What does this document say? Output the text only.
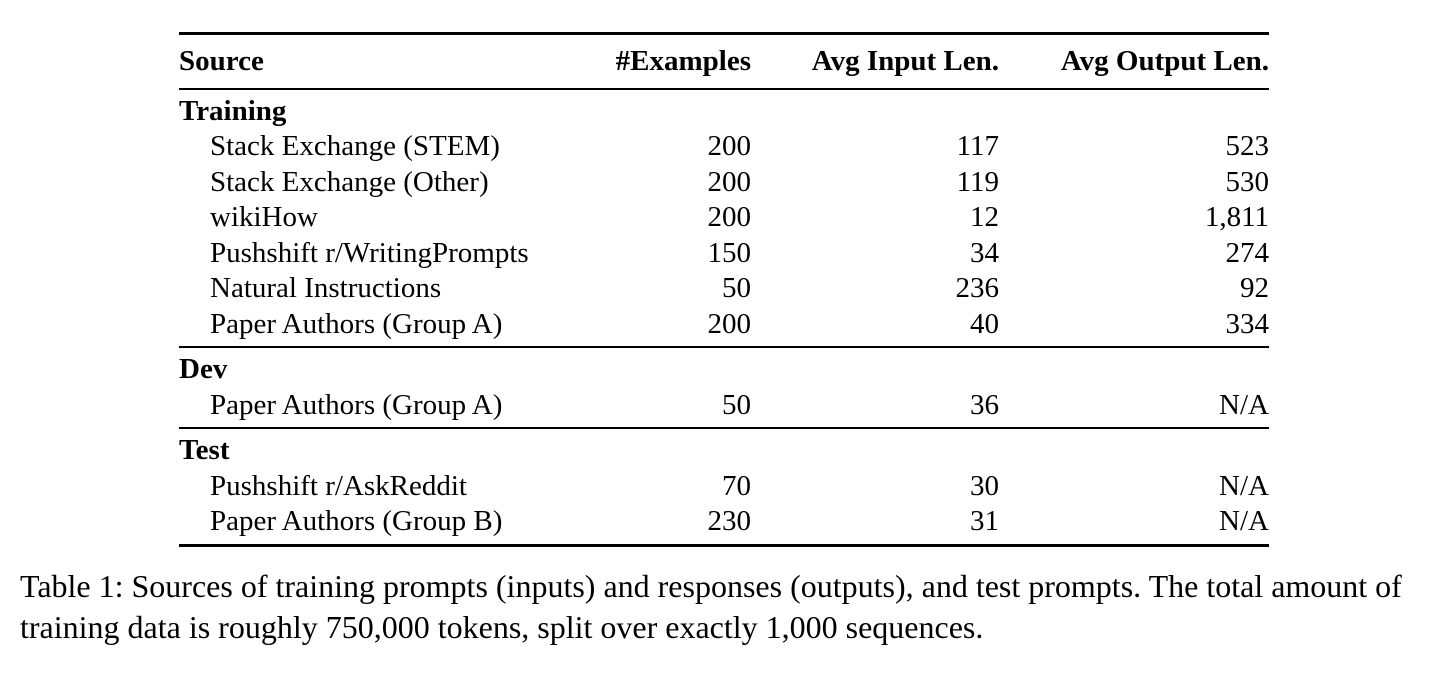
Source	#Examples	Avg Input Len.	Avg Output Len.
Training			
Stack Exchange (STEM)	200	117	523
Stack Exchange (Other)	200	119	530
wikiHow	200	12	1,811
Pushshift r/WritingPrompts	150	34	274
Natural Instructions	50	236	92
Paper Authors (Group A)	200	40	334
Dev			
Paper Authors (Group A)	50	36	N/A
Test			
Pushshift r/AskReddit	70	30	N/A
Paper Authors (Group B)	230	31	N/A

Table 1: Sources of training prompts (inputs) and responses (outputs), and test prompts. The total amount of training data is roughly 750,000 tokens, split over exactly 1,000 sequences.
